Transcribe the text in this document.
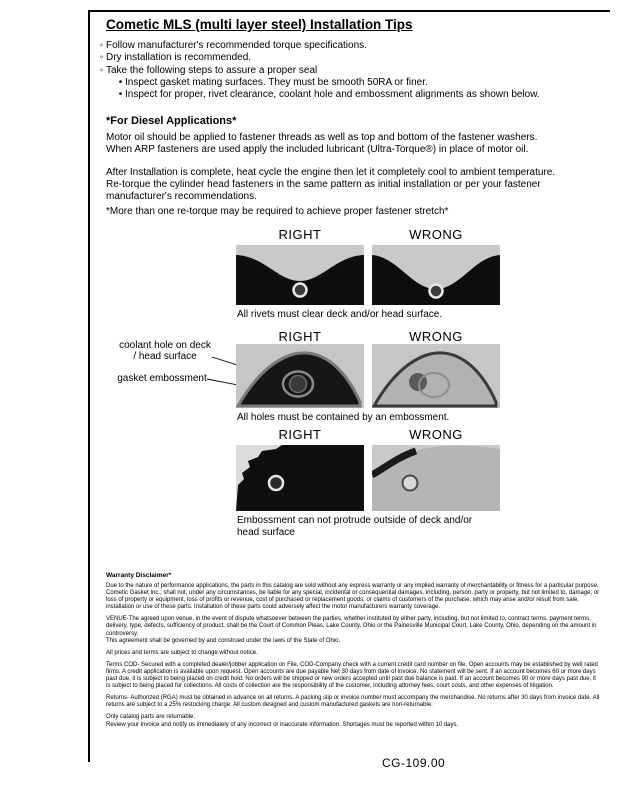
Cometic MLS (multi layer steel) Installation Tips
◦ Follow manufacturer's recommended torque specifications.
◦ Dry installation is recommended.
◦ Take the following steps to assure a proper seal
• Inspect gasket mating surfaces. They must be smooth 50RA or finer.
• Inspect for proper, rivet clearance, coolant hole and embossment alignments as shown below.
*For Diesel Applications*

Motor oil should be applied to fastener threads as well as top and bottom of the fastener washers. When ARP fasteners are used apply the included lubricant (Ultra-Torque®) in place of motor oil.

After Installation is complete, heat cycle the engine then let it completely cool to ambient temperature. Re-torque the cylinder head fasteners in the same pattern as initial installation or per your fastener manufacturer's recommendations.

*More than one re-torque may be required to achieve proper fastener stretch*
RIGHT	WRONG
All rivets must clear deck and/or head surface.
RIGHT	WRONG
coolant hole on deck / head surface
gasket embossment
All holes must be contained by an embossment.
RIGHT	WRONG
Embossment can not protrude outside of deck and/or head surface
Warranty Disclaimer*

Due to the nature of performance applications, the parts in this catalog are sold without any express warranty or any implied warranty of merchantability or fitness for a particular purpose. Cometic Gasket Inc., shall not, under any circumstances, be liable for any special, incidental or consequential damages, including, person, party or property, but not limited to, damage, or loss of property or equipment, loss of profits or revenue, cost of purchased or replacement goods, or claims of customers of the purchase, which may arise and/or result from sale, installation or use of these parts. Installation of these parts could adversely affect the motor manufacturers warranty coverage.

VENUE-The agreed upon venue, in the event of dispute whatsoever between the parties, whether instituted by either party, including, but not limited to, contract terms, payment terms, delivery, type, defects, sufficiency of product, shall be the Court of Common Pleas, Lake County, Ohio or the Painesville Municipal Court, Lake County, Ohio, depending on the amount in controversy.

This agreement shall be governed by and construed under the laws of the State of Ohio.

All prices and terms are subject to change without notice.

Terms COD- Secured with a completed dealer/jobber application on File, COD-Company check with a current credit card number on file. Open accounts may be established by well rated firms. A credit application is available upon request. Open accounts are due payable Net 30 days from date of invoice. No statement will be sent. If an account becomes 60 or more days past due, it is subject to being placed on credit hold. No orders will be shipped or new orders accepted until past due balance is paid. If an account becomes 90 or more days past due, it is subject to being placed for collections. All costs of collection are the responsibility of the customer, including attorney fees, court costs, and other expenses of litigation.

Returns- Authorized (RGA) must be obtained in advance on all returns. A packing slip or invoice number must accompany the merchandise. No returns after 30 days from invoice date. All returns are subject to a 25% restocking charge. All custom designed and custom manufactured gaskets are non-returnable.

Only catalog parts are returnable.

Review your invoice and notify us immediately of any incorrect or inaccurate information. Shortages must be reported within 10 days.

CG-109.00
